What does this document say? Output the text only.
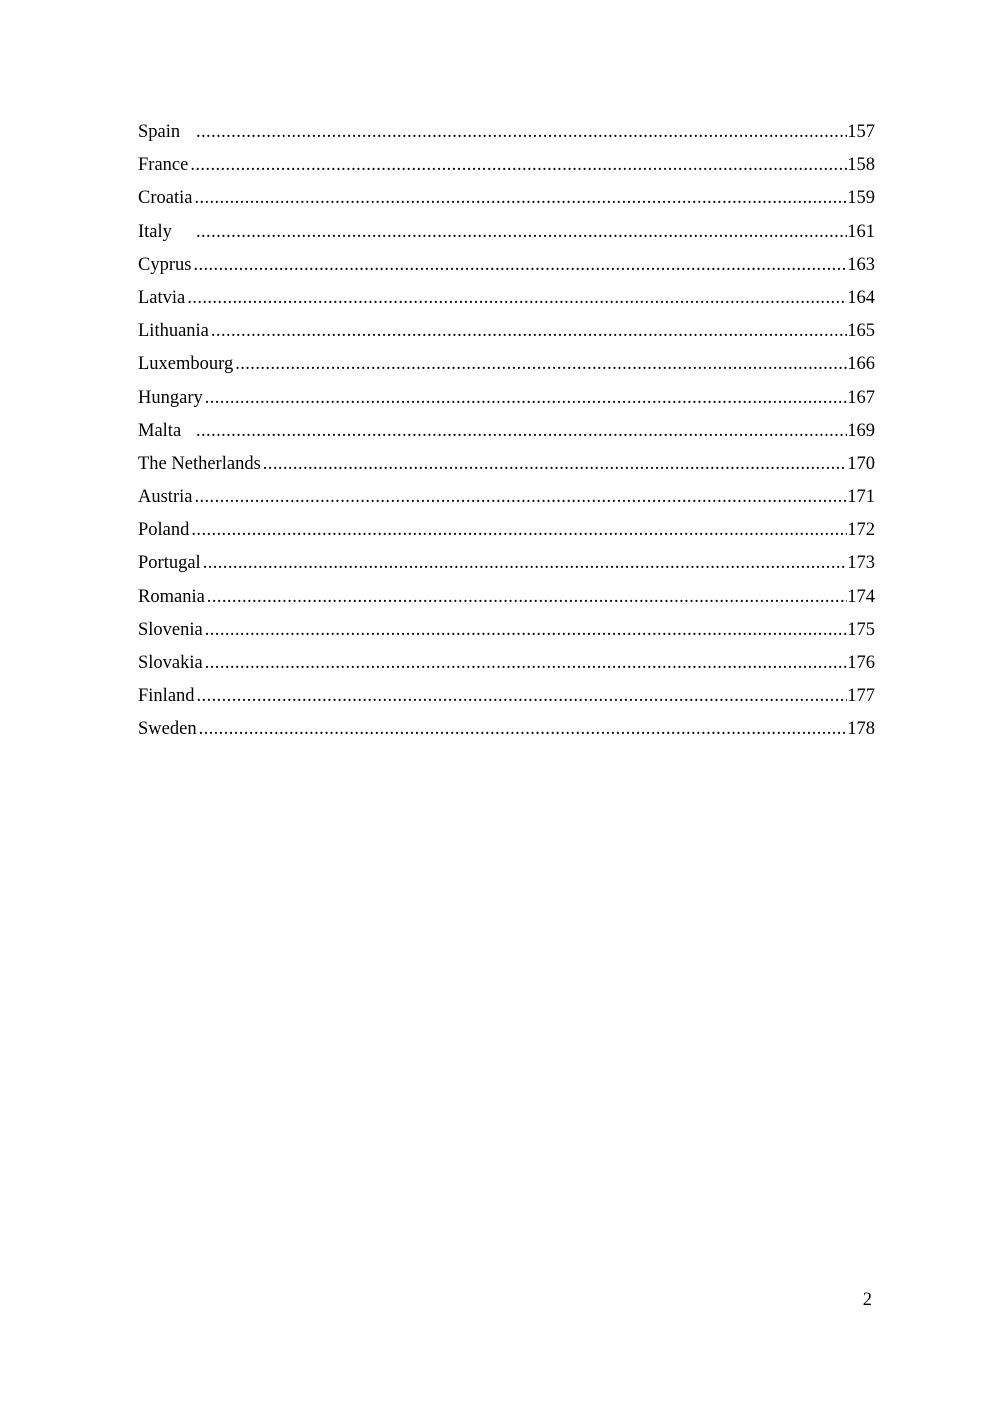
Spain .....	157
France .....	158
Croatia .....	159
Italy .....	161
Cyprus .....	163
Latvia .....	164
Lithuania .....	165
Luxembourg .....	166
Hungary .....	167
Malta .....	169
The Netherlands .....	170
Austria .....	171
Poland .....	172
Portugal .....	173
Romania .....	174
Slovenia .....	175
Slovakia .....	176
Finland .....	177
Sweden .....	178
2
